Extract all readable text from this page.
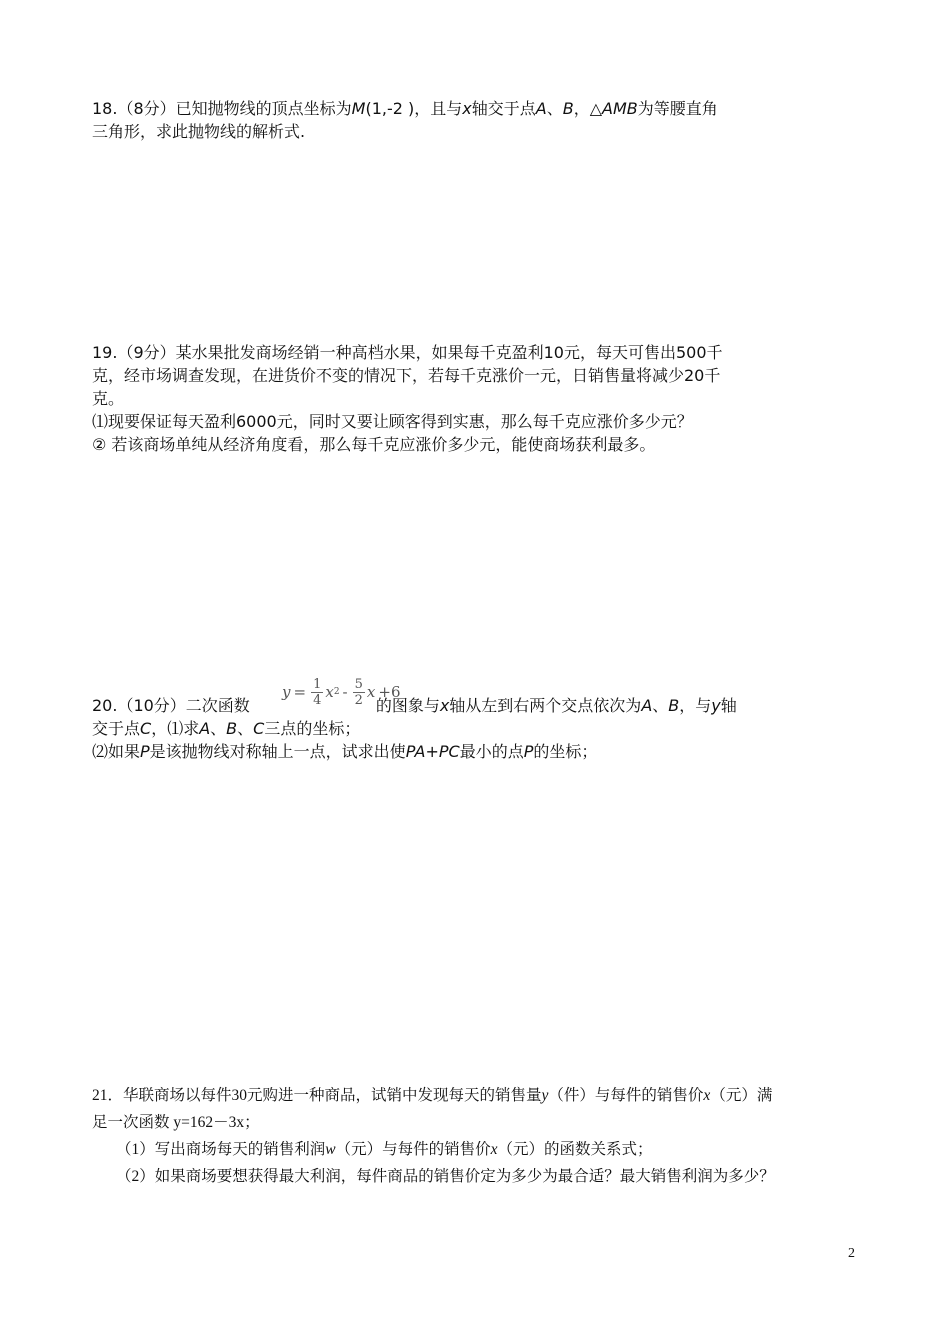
18.（8分）已知抛物线的顶点坐标为M(1,-2 )，且与x轴交于点A、B，△AMB为等腰直角

三角形，求此抛物线的解析式.

19.（9分）某水果批发商场经销一种高档水果，如果每千克盈利10元，每天可售出500千

克，经市场调查发现，在进货价不变的情况下，若每千克涨价一元，日销售量将减少20千

克。

⑴现要保证每天盈利6000元，同时又要让顾客得到实惠，那么每千克应涨价多少元？

② 若该商场单纯从经济角度看，那么每千克应涨价多少元，能使商场获利最多。

$y = \frac{1}{4}$ x $2 - \frac{5}{2}$ x +6

20.（10分）二次函数	的图象与x轴从左到右两个交点依次为A、B，与y轴

交于点C，⑴求A、B、C三点的坐标；

⑵如果P是该抛物线对称轴上一点，试求出使PA+PC最小的点P的坐标；

21．华联商场以每件30元购进一种商品，试销中发现每天的销售量y（件）与每件的销售价x（元）满

足一次函数 y=162－3x；

（1）写出商场每天的销售利润w（元）与每件的销售价x（元）的函数关系式；

（2）如果商场要想获得最大利润，每件商品的销售价定为多少为最合适？最大销售利润为多少？

2
